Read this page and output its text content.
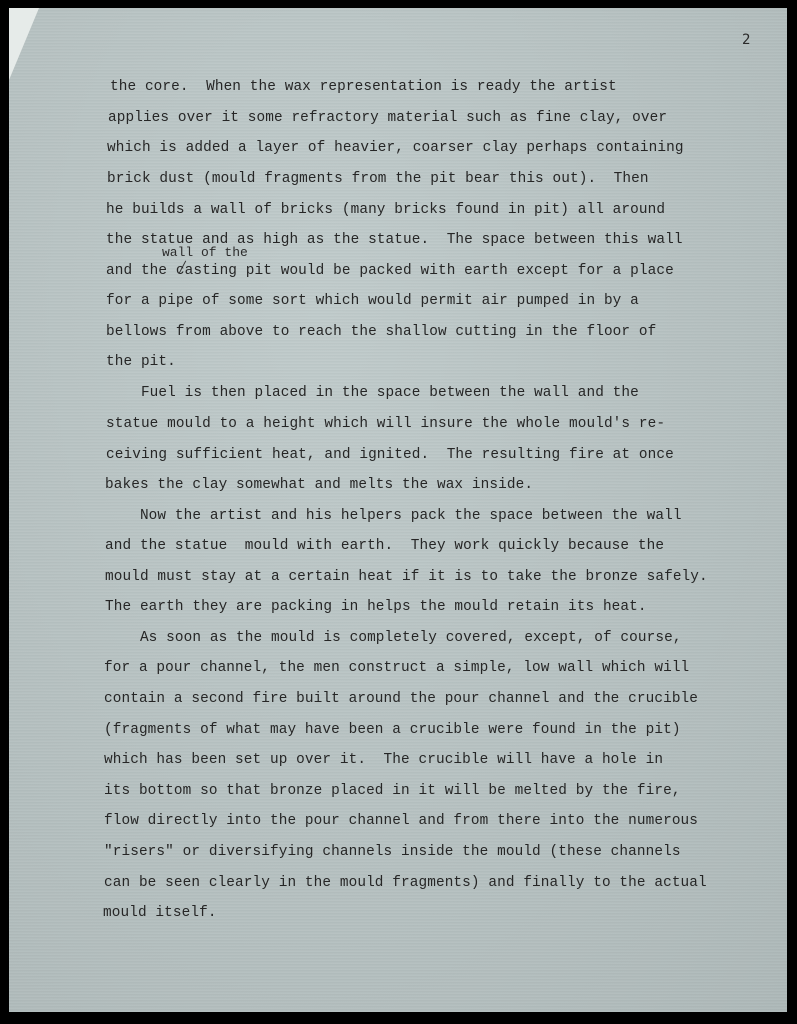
2
the core.  When the wax representation is ready the artist
applies over it some refractory material such as fine clay, over
which is added a layer of heavier, coarser clay perhaps containing
brick dust (mould fragments from the pit bear this out).  Then
he builds a wall of bricks (many bricks found in pit) all around
the statue and as high as the statue.  The space between this wall
wall of the
and the casting pit would be packed with earth except for a place
for a pipe of some sort which would permit air pumped in by a
bellows from above to reach the shallow cutting in the floor of
the pit.
Fuel is then placed in the space between the wall and the
statue mould to a height which will insure the whole mould's re-
ceiving sufficient heat, and ignited.  The resulting fire at once
bakes the clay somewhat and melts the wax inside.
Now the artist and his helpers pack the space between the wall
and the statue  mould with earth.  They work quickly because the
mould must stay at a certain heat if it is to take the bronze safely.
The earth they are packing in helps the mould retain its heat.
As soon as the mould is completely covered, except, of course,
for a pour channel, the men construct a simple, low wall which will
contain a second fire built around the pour channel and the crucible
(fragments of what may have been a crucible were found in the pit)
which has been set up over it.  The crucible will have a hole in
its bottom so that bronze placed in it will be melted by the fire,
flow directly into the pour channel and from there into the numerous
"risers" or diversifying channels inside the mould (these channels
can be seen clearly in the mould fragments) and finally to the actual
mould itself.
